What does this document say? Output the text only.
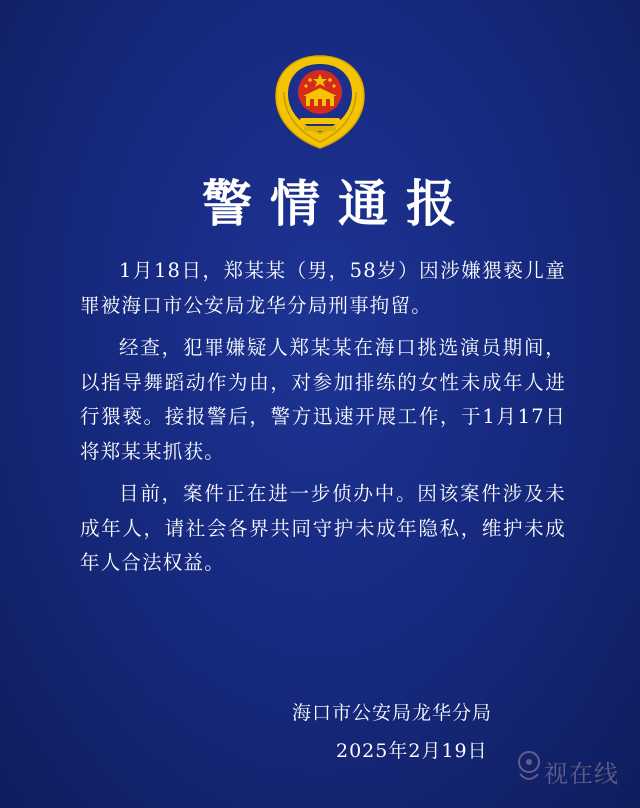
警情通报

1月18日，郑某某（男，58岁）因涉嫌猥亵儿童罪被海口市公安局龙华分局刑事拘留。

经查，犯罪嫌疑人郑某某在海口挑选演员期间，以指导舞蹈动作为由，对参加排练的女性未成年人进行猥亵。接报警后，警方迅速开展工作，于1月17日将郑某某抓获。

目前，案件正在进一步侦办中。因该案件涉及未成年人，请社会各界共同守护未成年隐私，维护未成年人合法权益。

海口市公安局龙华分局
2025年2月19日
视在线
